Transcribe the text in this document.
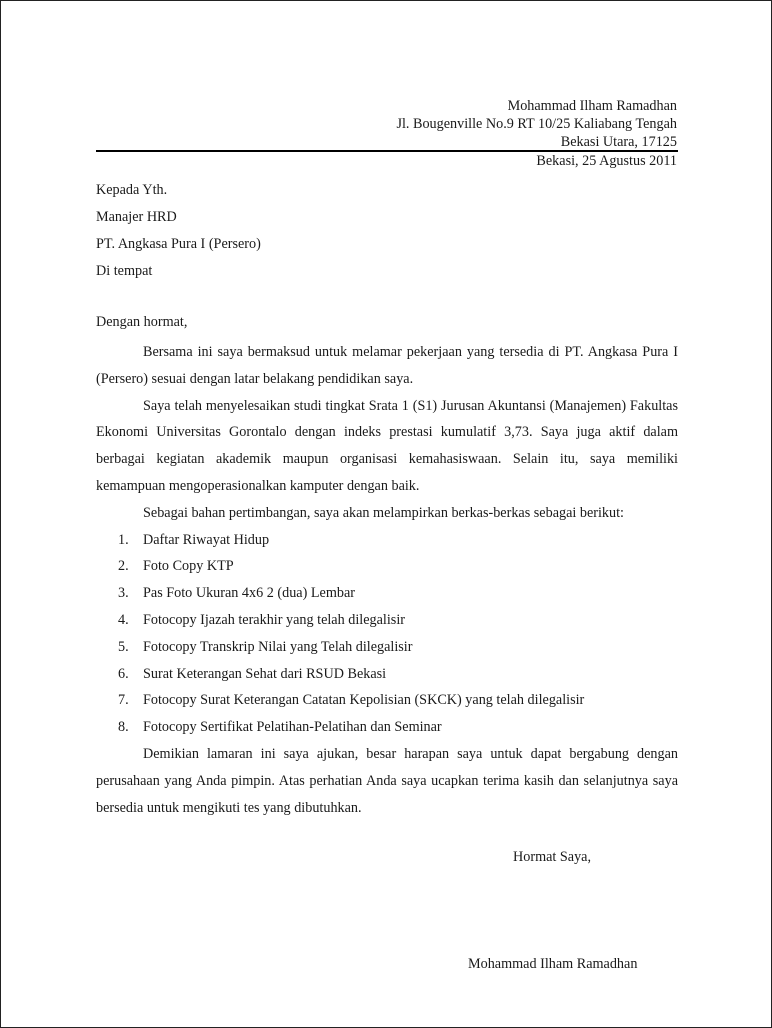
Mohammad Ilham Ramadhan
Jl. Bougenville No.9 RT 10/25 Kaliabang Tengah
Bekasi Utara, 17125
Bekasi, 25 Agustus 2011
Kepada Yth.
Manajer HRD
PT. Angkasa Pura I (Persero)
Di tempat
Dengan hormat,

Bersama ini saya bermaksud untuk melamar pekerjaan yang tersedia di PT. Angkasa Pura I (Persero) sesuai dengan latar belakang pendidikan saya.

Saya telah menyelesaikan studi tingkat Srata 1 (S1) Jurusan Akuntansi (Manajemen) Fakultas Ekonomi Universitas Gorontalo dengan indeks prestasi kumulatif 3,73. Saya juga aktif dalam berbagai kegiatan akademik maupun organisasi kemahasiswaan. Selain itu, saya memiliki kemampuan mengoperasionalkan kamputer dengan baik.

Sebagai bahan pertimbangan, saya akan melampirkan berkas-berkas sebagai berikut:

1. Daftar Riwayat Hidup
2. Foto Copy KTP
3. Pas Foto Ukuran 4x6 2 (dua) Lembar
4. Fotocopy Ijazah terakhir yang telah dilegalisir
5. Fotocopy Transkrip Nilai yang Telah dilegalisir
6. Surat Keterangan Sehat dari RSUD Bekasi
7. Fotocopy Surat Keterangan Catatan Kepolisian (SKCK) yang telah dilegalisir
8. Fotocopy Sertifikat Pelatihan-Pelatihan dan Seminar

Demikian lamaran ini saya ajukan, besar harapan saya untuk dapat bergabung dengan perusahaan yang Anda pimpin. Atas perhatian Anda saya ucapkan terima kasih dan selanjutnya saya bersedia untuk mengikuti tes yang dibutuhkan.

Hormat Saya,
Mohammad Ilham Ramadhan
